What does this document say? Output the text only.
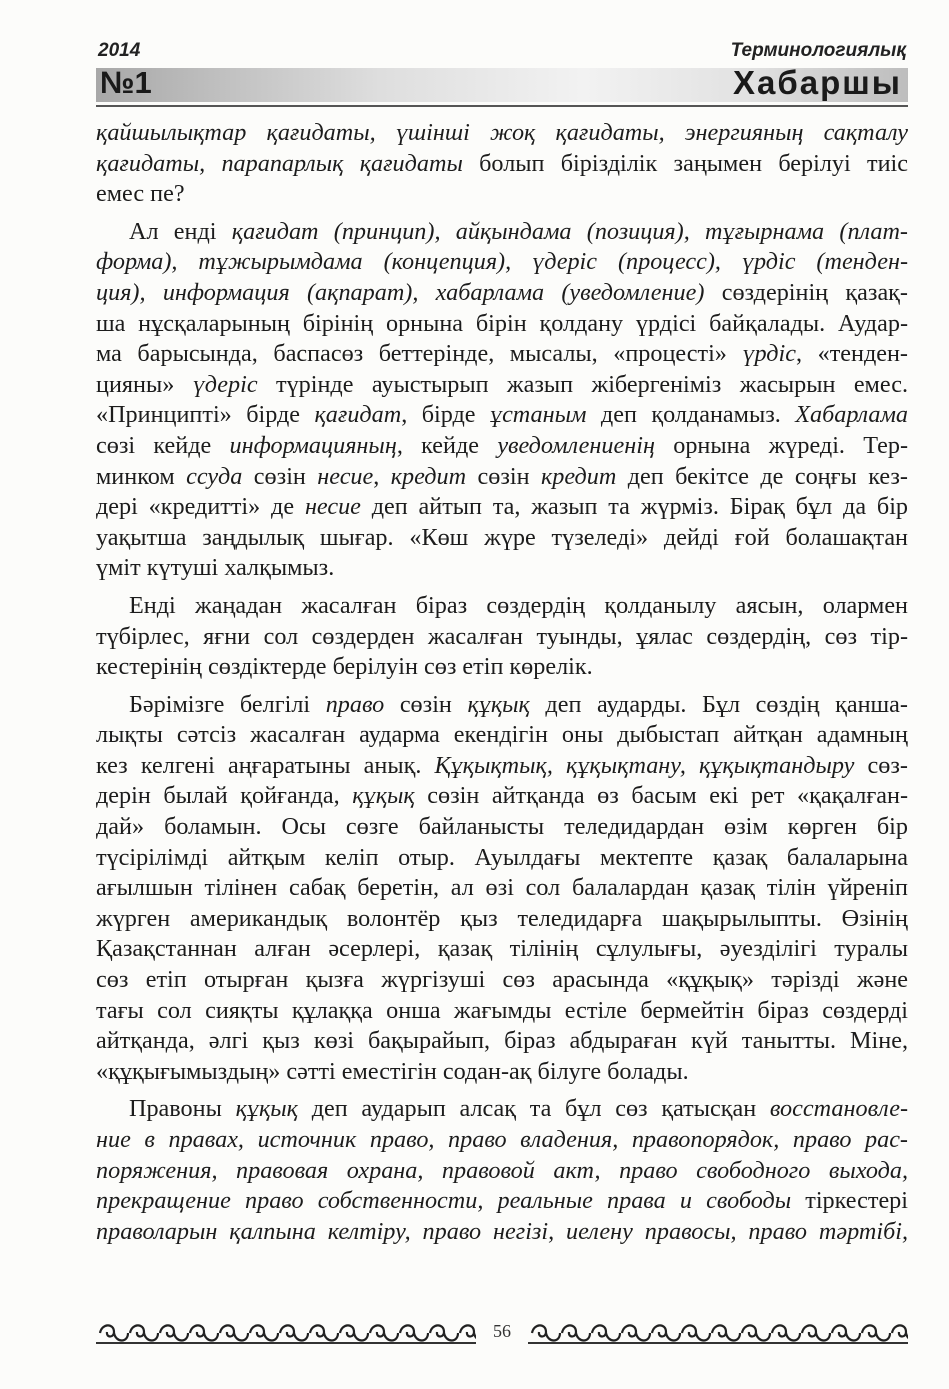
2014	Терминологиялық
№1	Хабаршы

қайшылықтар қағидаты, үшінші жоқ қағидаты, энергияның сақталу

қағидаты, парапарлық қағидаты болып бірізділік заңымен берілуі тиіс

емес пе?

Ал енді қағидат (принцип), айқындама (позиция), тұғырнама (плат-

форма), тұжырымдама (концепция), үдеріс (процесс), үрдіс (тенден-

ция), информация (ақпарат), хабарлама (уведомление) сөздерінің қазақ-

ша нұсқаларының бірінің орнына бірін қолдану үрдісі байқалады. Аудар-

ма барысында, баспасөз беттерінде, мысалы, «процесті» үрдіс, «тенден-

цияны» үдеріс түрінде ауыстырып жазып жібергеніміз жасырын емес.

«Принципті» бірде қағидат, бірде ұстаным деп қолданамыз. Хабарлама

сөзі кейде информацияның, кейде уведомлениенің орнына жүреді. Тер-

минком ссуда сөзін несие, кредит сөзін кредит деп бекітсе де соңғы кез-

дері «кредитті» де несие деп айтып та, жазып та жүрміз. Бірақ бұл да бір

уақытша заңдылық шығар. «Көш жүре түзеледі» дейді ғой болашақтан

үміт күтуші халқымыз.

Енді жаңадан жасалған біраз сөздердің қолданылу аясын, олармен

түбірлес, яғни сол сөздерден жасалған туынды, ұялас сөздердің, сөз тір-

кестерінің сөздіктерде берілуін сөз етіп көрелік.

Бәрімізге белгілі право сөзін құқық деп аударды. Бұл сөздің қанша-

лықты сәтсіз жасалған аударма екендігін оны дыбыстап айтқан адамның

кез келгені аңғаратыны анық. Құқықтық, құқықтану, құқықтандыру сөз-

дерін былай қойғанда, құқық сөзін айтқанда өз басым екі рет «қақалған-

дай» боламын. Осы сөзге байланысты теледидардан өзім көрген бір

түсірілімді айтқым келіп отыр. Ауылдағы мектепте қазақ балаларына

ағылшын тілінен сабақ беретін, ал өзі сол балалардан қазақ тілін үйреніп

жүрген американдық волонтёр қыз теледидарға шақырылыпты. Өзінің

Қазақстаннан алған әсерлері, қазақ тілінің сұлулығы, әуезділігі туралы

сөз етіп отырған қызға жүргізуші сөз арасында «құқық» тәрізді және

тағы сол сияқты құлаққа онша жағымды естіле бермейтін біраз сөздерді

айтқанда, әлгі қыз көзі бақырайып, біраз абдыраған күй танытты. Міне,

«құқығымыздың» сәтті еместігін содан-ақ білуге болады.

Правоны құқық деп аударып алсақ та бұл сөз қатысқан восстановле-

ние в правах, источник право, право владения, правопорядок, право рас-

поряжения, правовая охрана, правовой акт, право свободного выхода,

прекращение право собственности, реальные права и свободы тіркестері

праволарын қалпына келтіру, право негізі, иелену правосы, право тәртібі,

56
